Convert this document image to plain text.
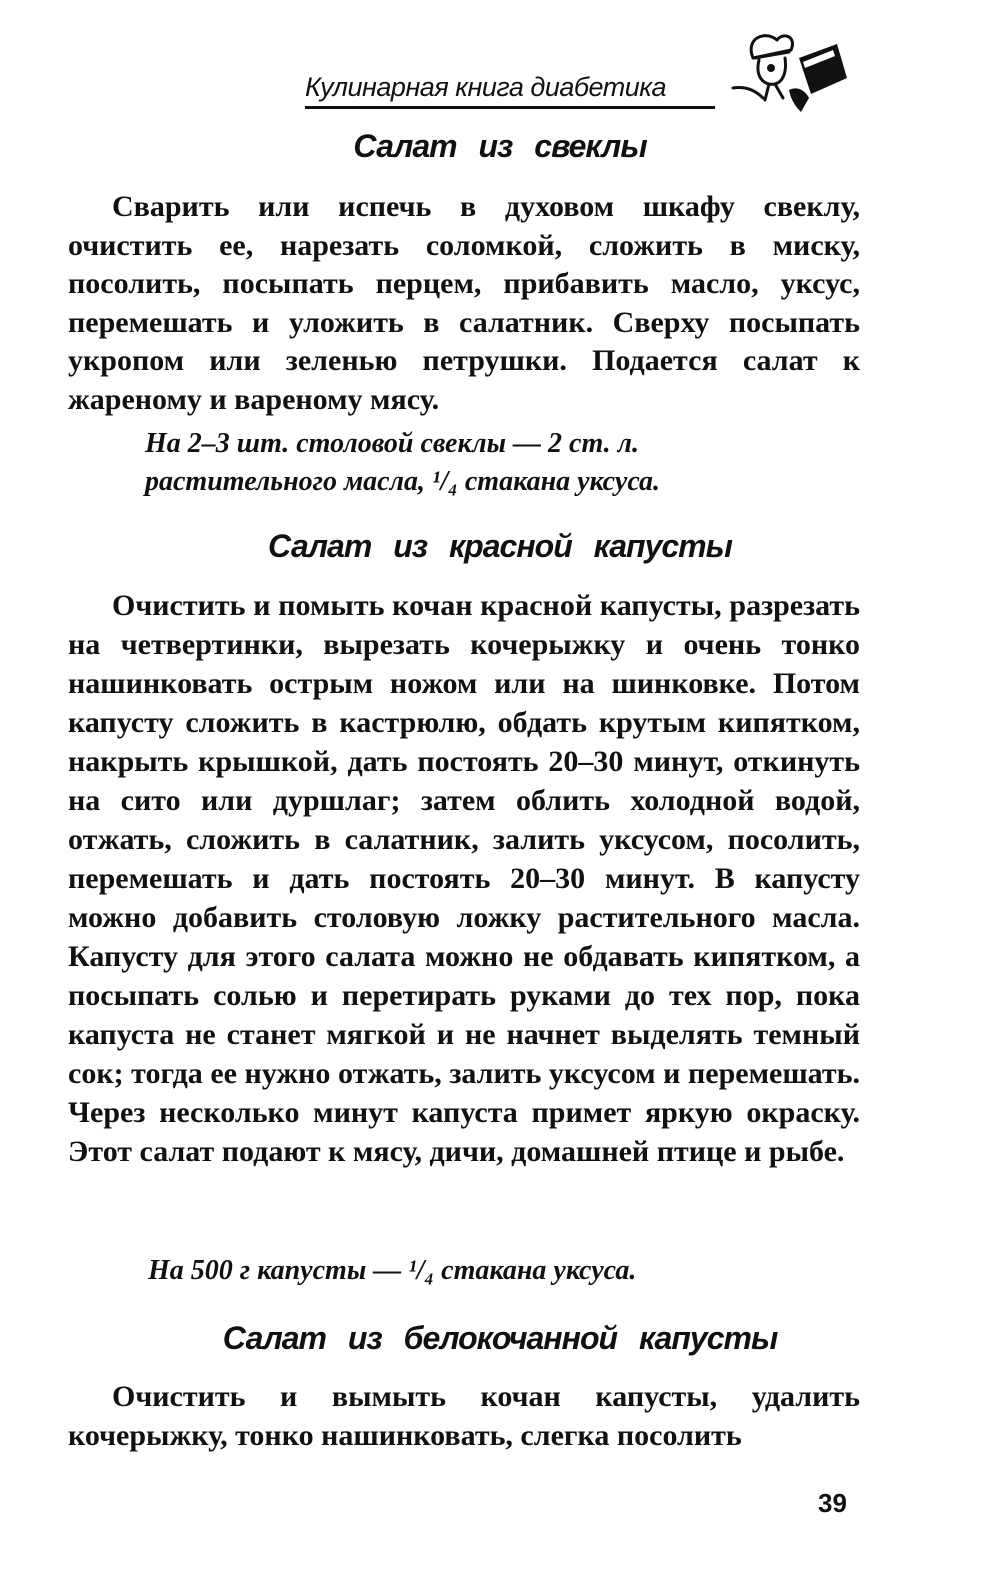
Кулинарная книга диабетика
Салат из свеклы

Сварить или испечь в духовом шкафу свеклу, очистить ее, нарезать соломкой, сложить в миску, посолить, посыпать перцем, прибавить масло, уксус, перемешать и уложить в салатник. Сверху посыпать укропом или зеленью петрушки. Подается салат к жареному и вареному мясу.

На 2–3 шт. столовой свеклы — 2 ст. л.

растительного масла, ¹/₄ стакана уксуса.

Салат из красной капусты

Очистить и помыть кочан красной капусты, разрезать на четвертинки, вырезать кочерыжку и очень тонко нашинковать острым ножом или на шинковке. Потом капусту сложить в кастрюлю, обдать крутым кипятком, накрыть крышкой, дать постоять 20–30 минут, откинуть на сито или дуршлаг; затем облить холодной водой, отжать, сложить в салатник, залить уксусом, посолить, перемешать и дать постоять 20–30 минут. В капусту можно добавить столовую ложку растительного масла. Капусту для этого салата можно не обдавать кипятком, а посыпать солью и перетирать руками до тех пор, пока капуста не станет мягкой и не начнет выделять темный сок; тогда ее нужно отжать, залить уксусом и перемешать. Через несколько минут капуста примет яркую окраску. Этот салат подают к мясу, дичи, домашней птице и рыбе.

На 500 г капусты — ¹/₄ стакана уксуса.

Салат из белокочанной капусты

Очистить и вымыть кочан капусты, удалить кочерыжку, тонко нашинковать, слегка посолить

39
